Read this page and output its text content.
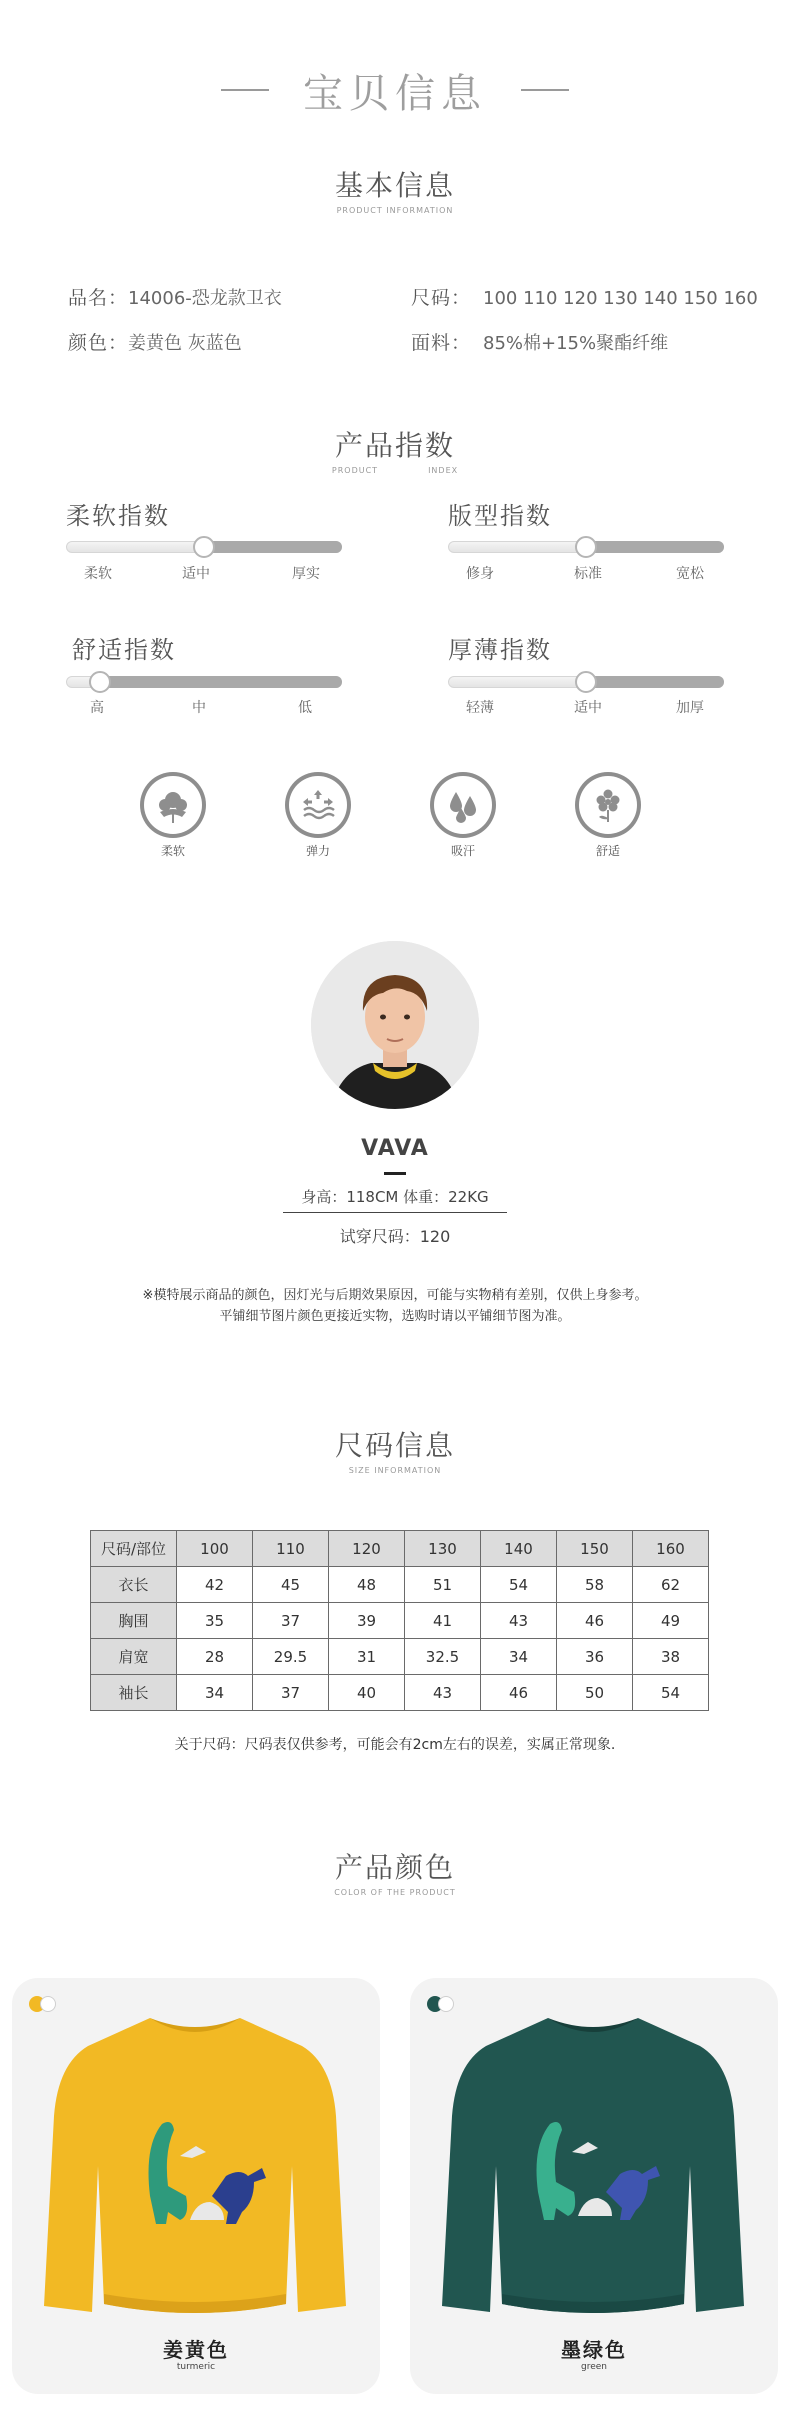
宝贝信息
基本信息
PRODUCT INFORMATION
品名：14006-恐龙款卫衣	尺码： 100 110 120 130 140 150 160
颜色：姜黄色 灰蓝色	面料： 85%棉+15%聚酯纤维
产品指数
PRODUCT	INDEX
柔软指数
柔软	适中	厚实
版型指数
修身	标准	宽松
舒适指数
高	中	低
厚薄指数
轻薄	适中	加厚
柔软	弹力	吸汗	舒适
VAVA
身高：118CM 体重：22KG
试穿尺码：120
※模特展示商品的颜色，因灯光与后期效果原因，可能与实物稍有差别，仅供上身参考。
平铺细节图片颜色更接近实物，选购时请以平铺细节图为准。
尺码信息
SIZE INFORMATION
尺码/部位	100	110	120	130	140	150	160
衣长	42	45	48	51	54	58	62
胸围	35	37	39	41	43	46	49
肩宽	28	29.5	31	32.5	34	36	38
袖长	34	37	40	43	46	50	54
关于尺码：尺码表仅供参考，可能会有2cm左右的误差，实属正常现象.
产品颜色
COLOR OF THE PRODUCT
姜黄色
turmeric
墨绿色
green
